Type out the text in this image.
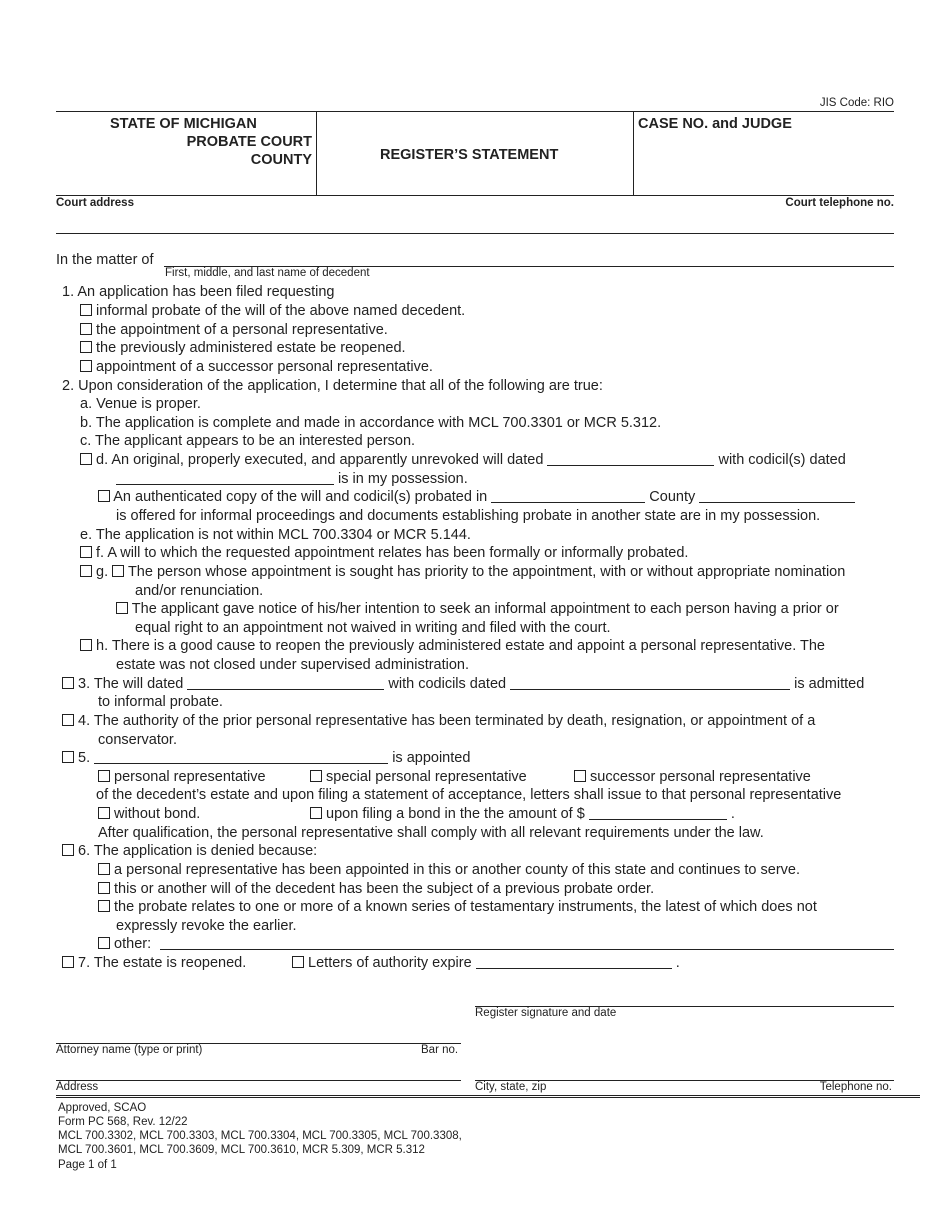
JIS Code: RIO
STATE OF MICHIGAN
PROBATE COURT
COUNTY	REGISTER’S STATEMENT
CASE NO. and JUDGE
Court address	Court telephone no.
In the matter of
First, middle, and last name of decedent
1. An application has been filed requesting
informal probate of the will of the above named decedent.
the appointment of a personal representative.
the previously administered estate be reopened.
appointment of a successor personal representative.
2. Upon consideration of the application, I determine that all of the following are true:
a. Venue is proper.
b. The application is complete and made in accordance with MCL 700.3301 or MCR 5.312.
c. The applicant appears to be an interested person.
d. An original, properly executed, and apparently unrevoked will dated	with codicil(s) dated
is in my possession.
An authenticated copy of the will and codicil(s) probated in	County
is offered for informal proceedings and documents establishing probate in another state are in my possession.
e. The application is not within MCL 700.3304 or MCR 5.144.
f. A will to which the requested appointment relates has been formally or informally probated.
g. The person whose appointment is sought has priority to the appointment, with or without appropriate nomination
and/or renunciation.
The applicant gave notice of his/her intention to seek an informal appointment to each person having a prior or
equal right to an appointment not waived in writing and filed with the court.
h. There is a good cause to reopen the previously administered estate and appoint a personal representative. The
estate was not closed under supervised administration.
3. The will dated	with codicils dated	is admitted
to informal probate.
4. The authority of the prior personal representative has been terminated by death, resignation, or appointment of a
conservator.
5.	is appointed
personal representative	special personal representative	successor personal representative
of the decedent’s estate and upon filing a statement of acceptance, letters shall issue to that personal representative
without bond.	upon filing a bond in the the amount of $	.
After qualification, the personal representative shall comply with all relevant requirements under the law.
6. The application is denied because:
a personal representative has been appointed in this or another county of this state and continues to serve.
this or another will of the decedent has been the subject of a previous probate order.
the probate relates to one or more of a known series of testamentary instruments, the latest of which does not
expressly revoke the earlier.
other:
7. The estate is reopened.	Letters of authority expire	.
Register signature and date
Attorney name (type or print)	Bar no.
Address	City, state, zip	Telephone no.
Approved, SCAO
Form PC 568, Rev. 12/22
MCL 700.3302, MCL 700.3303, MCL 700.3304, MCL 700.3305, MCL 700.3308,
MCL 700.3601, MCL 700.3609, MCL 700.3610, MCR 5.309, MCR 5.312
Page 1 of 1
